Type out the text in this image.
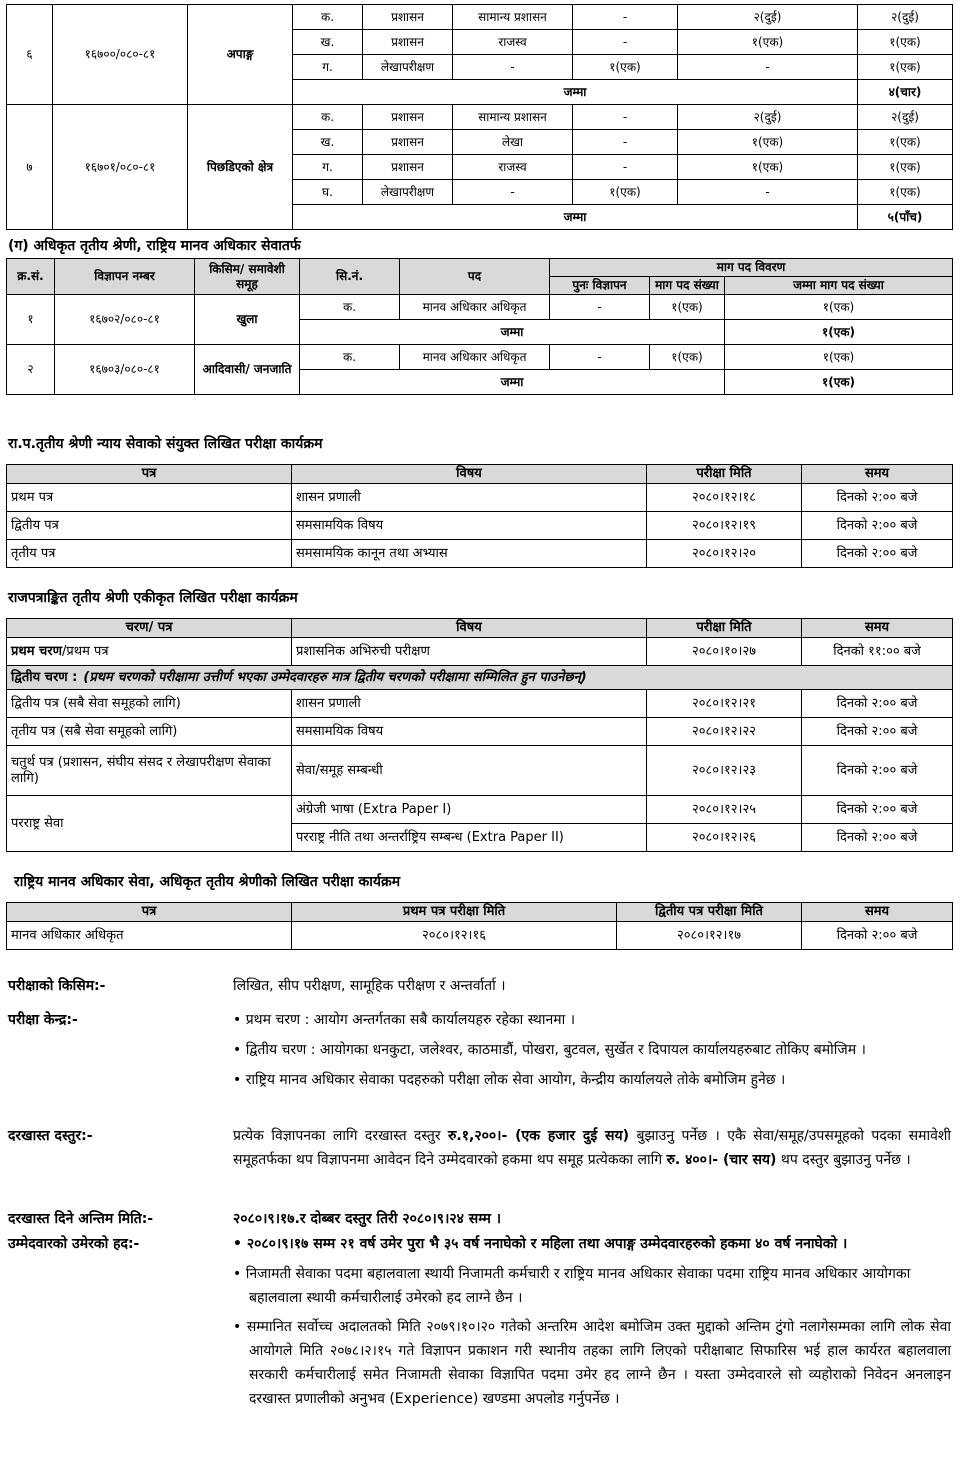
६	१६७००/०८०-८१	अपाङ्ग	क.	प्रशासन	सामान्य प्रशासन	-	२(दुई)	२(दुई)
			ख.	प्रशासन	राजस्व	-	१(एक)	१(एक)
			ग.	लेखापरीक्षण	-	१(एक)	-	१(एक)
			जम्मा					४(चार)
७	१६७०१/०८०-८१	पिछडिएको क्षेत्र	क.	प्रशासन	सामान्य प्रशासन	-	२(दुई)	२(दुई)
			ख.	प्रशासन	लेखा	-	१(एक)	१(एक)
			ग.	प्रशासन	राजस्व	-	१(एक)	१(एक)
			घ.	लेखापरीक्षण	-	१(एक)	-	१(एक)
			जम्मा					५(पाँच)
(ग) अधिकृत तृतीय श्रेणी, राष्ट्रिय मानव अधिकार सेवातर्फ
क्र.सं.	विज्ञापन नम्बर	किसिम/ समावेशी समूह	सि.नं.	पद	माग पद विवरण		
					पुनः विज्ञापन	माग पद संख्या	जम्मा माग पद संख्या
१	१६७०२/०८०-८१	खुला	क.	मानव अधिकार अधिकृत	-	१(एक)	१(एक)
			जम्मा				१(एक)
२	१६७०३/०८०-८१	आदिवासी/ जनजाति	क.	मानव अधिकार अधिकृत	-	१(एक)	१(एक)
			जम्मा				१(एक)
रा.प.तृतीय श्रेणी न्याय सेवाको संयुक्त लिखित परीक्षा कार्यक्रम
पत्र	विषय	परीक्षा मिति	समय
प्रथम पत्र	शासन प्रणाली	२०८०।१२।१८	दिनको २:०० बजे
द्वितीय पत्र	समसामयिक विषय	२०८०।१२।१९	दिनको २:०० बजे
तृतीय पत्र	समसामयिक कानून तथा अभ्यास	२०८०।१२।२०	दिनको २:०० बजे
राजपत्राङ्कित तृतीय श्रेणी एकीकृत लिखित परीक्षा कार्यक्रम
चरण/ पत्र	विषय	परीक्षा मिति	समय
प्रथम चरण/प्रथम पत्र	प्रशासनिक अभिरुची परीक्षण	२०८०।१०।२७	दिनको ११:०० बजे
द्वितीय चरण : (प्रथम चरणको परीक्षामा उत्तीर्ण भएका उम्मेदवारहरु मात्र द्वितीय चरणको परीक्षामा सम्मिलित हुन पाउनेछन्)			
द्वितीय पत्र (सबै सेवा समूहको लागि)	शासन प्रणाली	२०८०।१२।२१	दिनको २:०० बजे
तृतीय पत्र (सबै सेवा समूहको लागि)	समसामयिक विषय	२०८०।१२।२२	दिनको २:०० बजे
चतुर्थ पत्र (प्रशासन, संघीय संसद र लेखापरीक्षण सेवाका लागि)	सेवा/समूह सम्बन्धी	२०८०।१२।२३	दिनको २:०० बजे
परराष्ट्र सेवा	अंग्रेजी भाषा (Extra Paper I)	२०८०।१२।२५	दिनको २:०० बजे
	परराष्ट्र नीति तथा अन्तर्राष्ट्रिय सम्बन्ध (Extra Paper II)	२०८०।१२।२६	दिनको २:०० बजे
राष्ट्रिय मानव अधिकार सेवा, अधिकृत तृतीय श्रेणीको लिखित परीक्षा कार्यक्रम
पत्र	प्रथम पत्र परीक्षा मिति	द्वितीय पत्र परीक्षा मिति	समय
मानव अधिकार अधिकृत	२०८०।१२।१६	२०८०।१२।१७	दिनको २:०० बजे
परीक्षाको किसिम:-	लिखित, सीप परीक्षण, सामूहिक परीक्षण र अन्तर्वार्ता ।
परीक्षा केन्द्र:-	• प्रथम चरण : आयोग अन्तर्गतका सबै कार्यालयहरु रहेका स्थानमा ।
• द्वितीय चरण : आयोगका धनकुटा, जलेश्वर, काठमाडौं, पोखरा, बुटवल, सुर्खेत र दिपायल कार्यालयहरुबाट तोकिए बमोजिम ।
• राष्ट्रिय मानव अधिकार सेवाका पदहरुको परीक्षा लोक सेवा आयोग, केन्द्रीय कार्यालयले तोके बमोजिम हुनेछ ।
दरखास्त दस्तुर:-	प्रत्येक विज्ञापनका लागि दरखास्त दस्तुर रु.१,२००।- (एक हजार दुई सय) बुझाउनु पर्नेछ । एकै सेवा/समूह/उपसमूहको पदका समावेशी समूहतर्फका थप विज्ञापनमा आवेदन दिने उम्मेदवारको हकमा थप समूह प्रत्येकका लागि रु. ४००।- (चार सय) थप दस्तुर बुझाउनु पर्नेछ ।
दरखास्त दिने अन्तिम मिति:-	२०८०।९।१७.र दोब्बर दस्तुर तिरी २०८०।९।२४ सम्म ।
उम्मेदवारको उमेरको हद:-	• २०८०।९।१७ सम्म २१ वर्ष उमेर पुरा भै ३५ वर्ष ननाघेको र महिला तथा अपाङ्ग उम्मेदवारहरुको हकमा ४० वर्ष ननाघेको ।
• निजामती सेवाका पदमा बहालवाला स्थायी निजामती कर्मचारी र राष्ट्रिय मानव अधिकार सेवाका पदमा राष्ट्रिय मानव अधिकार आयोगका बहालवाला स्थायी कर्मचारीलाई उमेरको हद लाग्ने छैन ।
• सम्मानित सर्वोच्च अदालतको मिति २०७९।१०।२० गतेको अन्तरिम आदेश बमोजिम उक्त मुद्दाको अन्तिम टुंगो नलागेसम्मका लागि लोक सेवा आयोगले मिति २०७८।२।१५ गते विज्ञापन प्रकाशन गरी स्थानीय तहका लागि लिएको परीक्षाबाट सिफारिस भई हाल कार्यरत बहालवाला सरकारी कर्मचारीलाई समेत निजामती सेवाका विज्ञापित पदमा उमेर हद लाग्ने छैन । यस्ता उम्मेदवारले सो व्यहोराको निवेदन अनलाइन दरखास्त प्रणालीको अनुभव (Experience) खण्डमा अपलोड गर्नुपर्नेछ ।
